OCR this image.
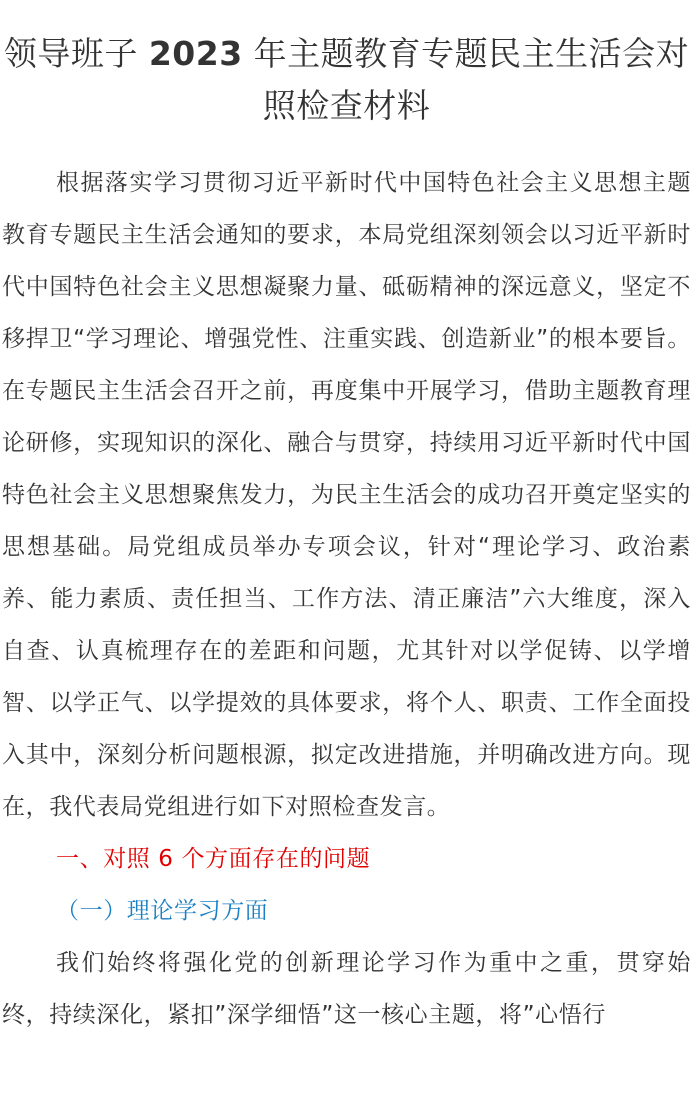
领导班子 2023 年主题教育专题民主生活会对照检查材料

根据落实学习贯彻习近平新时代中国特色社会主义思想主题教育专题民主生活会通知的要求，本局党组深刻领会以习近平新时代中国特色社会主义思想凝聚力量、砥砺精神的深远意义，坚定不移捍卫“学习理论、增强党性、注重实践、创造新业”的根本要旨。在专题民主生活会召开之前，再度集中开展学习，借助主题教育理论研修，实现知识的深化、融合与贯穿，持续用习近平新时代中国特色社会主义思想聚焦发力，为民主生活会的成功召开奠定坚实的思想基础。局党组成员举办专项会议，针对“理论学习、政治素养、能力素质、责任担当、工作方法、清正廉洁”六大维度，深入自查、认真梳理存在的差距和问题，尤其针对以学促铸、以学增智、以学正气、以学提效的具体要求，将个人、职责、工作全面投入其中，深刻分析问题根源，拟定改进措施，并明确改进方向。现在，我代表局党组进行如下对照检查发言。

一、对照 6 个方面存在的问题

（一）理论学习方面

我们始终将强化党的创新理论学习作为重中之重，贯穿始终，持续深化，紧扣”深学细悟”这一核心主题，将”心悟行
